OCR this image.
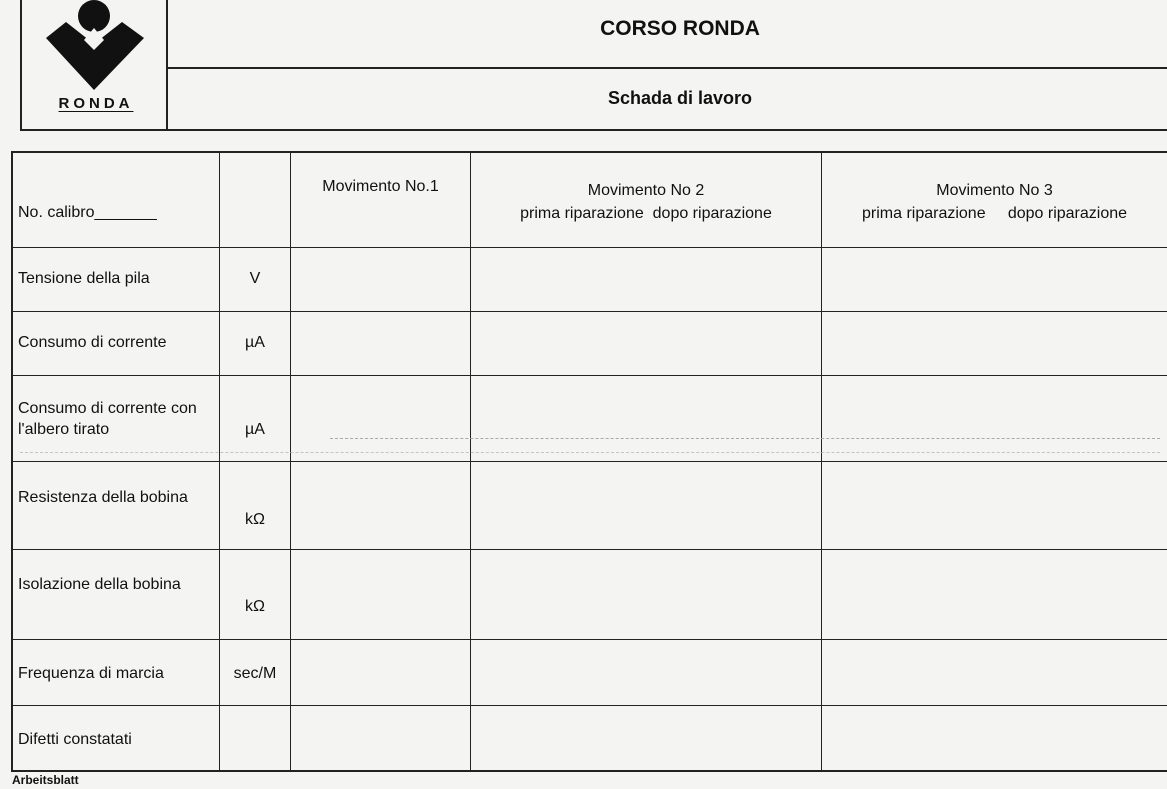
RONDA
CORSO RONDA
Schada di lavoro
No. calibro_______
Movimento No.1	Movimento No 2
prima riparazione  dopo riparazione
Movimento No 3
prima riparazione     dopo riparazione
Tensione della pila
Consumo di corrente
Consumo di corrente con l'albero tirato
Resistenza della bobina
Isolazione della bobina
Frequenza di marcia
Difetti constatati
V
µA
µA
kΩ
kΩ
sec/M
Arbeitsblatt
